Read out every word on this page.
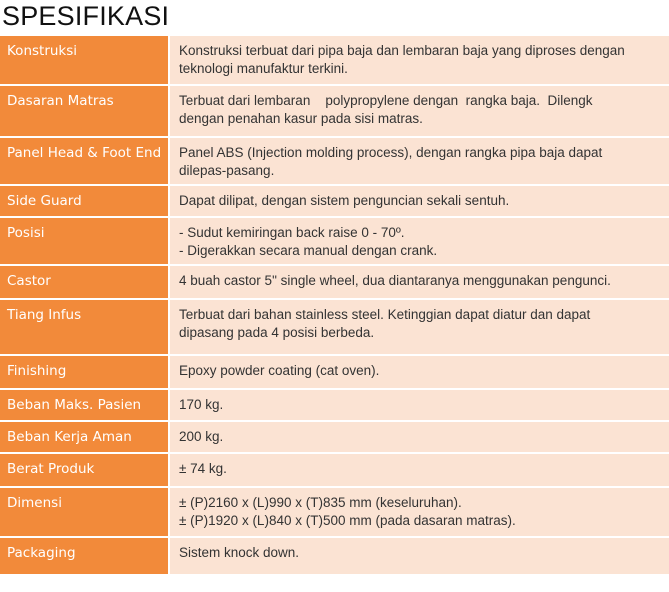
SPESIFIKASI
Konstruksi	Konstruksi terbuat dari pipa baja dan lembaran baja yang diproses dengan
teknologi manufaktur terkini.
Dasaran Matras	Terbuat dari lembaran    polypropylene dengan  rangka baja.  Dilengk
dengan penahan kasur pada sisi matras.
Panel Head & Foot End	Panel ABS (Injection molding process), dengan rangka pipa baja dapat
dilepas-pasang.
Side Guard	Dapat dilipat, dengan sistem penguncian sekali sentuh.
Posisi	- Sudut kemiringan back raise 0 - 70º.
- Digerakkan secara manual dengan crank.
Castor	4 buah castor 5" single wheel, dua diantaranya menggunakan pengunci.
Tiang Infus	Terbuat dari bahan stainless steel. Ketinggian dapat diatur dan dapat
dipasang pada 4 posisi berbeda.
Finishing	Epoxy powder coating (cat oven).
Beban Maks. Pasien	170 kg.
Beban Kerja Aman	200 kg.
Berat Produk	± 74 kg.
Dimensi	± (P)2160 x (L)990 x (T)835 mm (keseluruhan).
± (P)1920 x (L)840 x (T)500 mm (pada dasaran matras).
Packaging	Sistem knock down.
